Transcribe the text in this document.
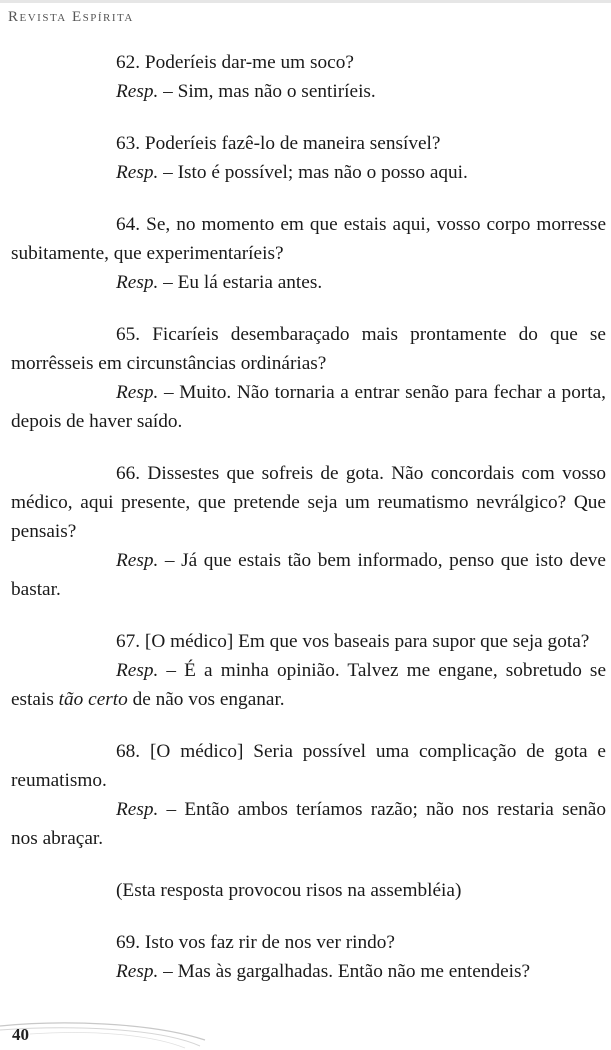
Revista Espírita

62. Poderíeis dar-me um soco?

Resp. – Sim, mas não o sentiríeis.

63. Poderíeis fazê-lo de maneira sensível?

Resp. – Isto é possível; mas não o posso aqui.

64. Se, no momento em que estais aqui, vosso corpo morresse subitamente, que experimentaríeis?

Resp. – Eu lá estaria antes.

65. Ficaríeis desembaraçado mais prontamente do que se morrêsseis em circunstâncias ordinárias?

Resp. – Muito. Não tornaria a entrar senão para fechar a porta, depois de haver saído.

66. Dissestes que sofreis de gota. Não concordais com vosso médico, aqui presente, que pretende seja um reumatismo nevrálgico? Que pensais?

Resp. – Já que estais tão bem informado, penso que isto deve bastar.

67. [O médico] Em que vos baseais para supor que seja gota?

Resp. – É a minha opinião. Talvez me engane, sobretudo se estais tão certo de não vos enganar.

68. [O médico] Seria possível uma complicação de gota e reumatismo.

Resp. – Então ambos teríamos razão; não nos restaria senão nos abraçar.

(Esta resposta provocou risos na assembléia)

69. Isto vos faz rir de nos ver rindo?

Resp. – Mas às gargalhadas. Então não me entendeis?

40
